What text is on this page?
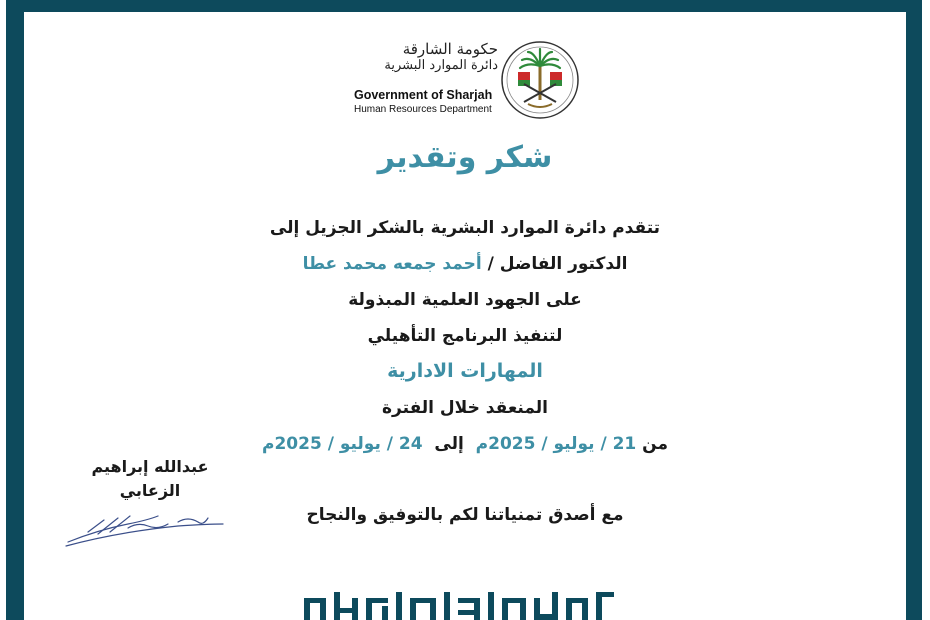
حكومة الشارقة
دائرة الموارد البشرية
Government of Sharjah
Human Resources Department
شكر وتقدير
تتقدم دائرة الموارد البشرية بالشكر الجزيل إلى
الدكتور الفاضل / أحمد جمعه محمد عطا
على الجهود العلمية المبذولة
لتنفيذ البرنامج التأهيلي
المهارات الادارية
المنعقد خلال الفترة
من 21 / يوليو / 2025م  إلى  24 / يوليو / 2025م
مع أصدق تمنياتنا لكم بالتوفيق والنجاح
عبدالله إبراهيم
الزعابي
